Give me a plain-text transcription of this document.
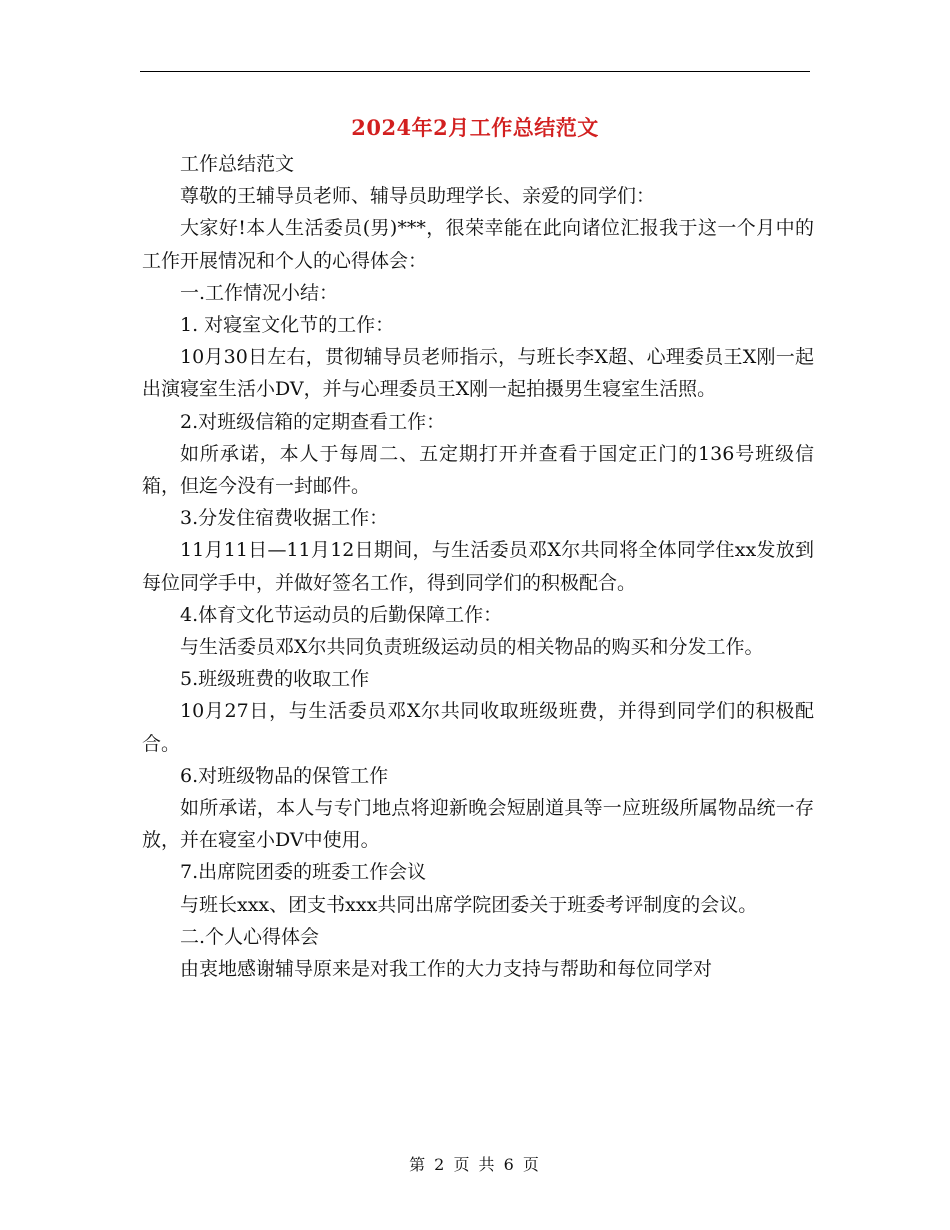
2024年2月工作总结范文

工作总结范文

尊敬的王辅导员老师、辅导员助理学长、亲爱的同学们：

大家好!本人生活委员(男)***，很荣幸能在此向诸位汇报我于这一个月中的工作开展情况和个人的心得体会：

一.工作情况小结：

1. 对寝室文化节的工作：

10月30日左右，贯彻辅导员老师指示，与班长李X超、心理委员王X刚一起出演寝室生活小DV，并与心理委员王X刚一起拍摄男生寝室生活照。

2.对班级信箱的定期查看工作：

如所承诺，本人于每周二、五定期打开并查看于国定正门的136号班级信箱，但迄今没有一封邮件。

3.分发住宿费收据工作：

11月11日—11月12日期间，与生活委员邓X尔共同将全体同学住xx发放到每位同学手中，并做好签名工作，得到同学们的积极配合。

4.体育文化节运动员的后勤保障工作：

与生活委员邓X尔共同负责班级运动员的相关物品的购买和分发工作。

5.班级班费的收取工作

10月27日，与生活委员邓X尔共同收取班级班费，并得到同学们的积极配合。

6.对班级物品的保管工作

如所承诺，本人与专门地点将迎新晚会短剧道具等一应班级所属物品统一存放，并在寝室小DV中使用。

7.出席院团委的班委工作会议

与班长xxx、团支书xxx共同出席学院团委关于班委考评制度的会议。

二.个人心得体会

由衷地感谢辅导原来是对我工作的大力支持与帮助和每位同学对

第 2 页 共 6 页
